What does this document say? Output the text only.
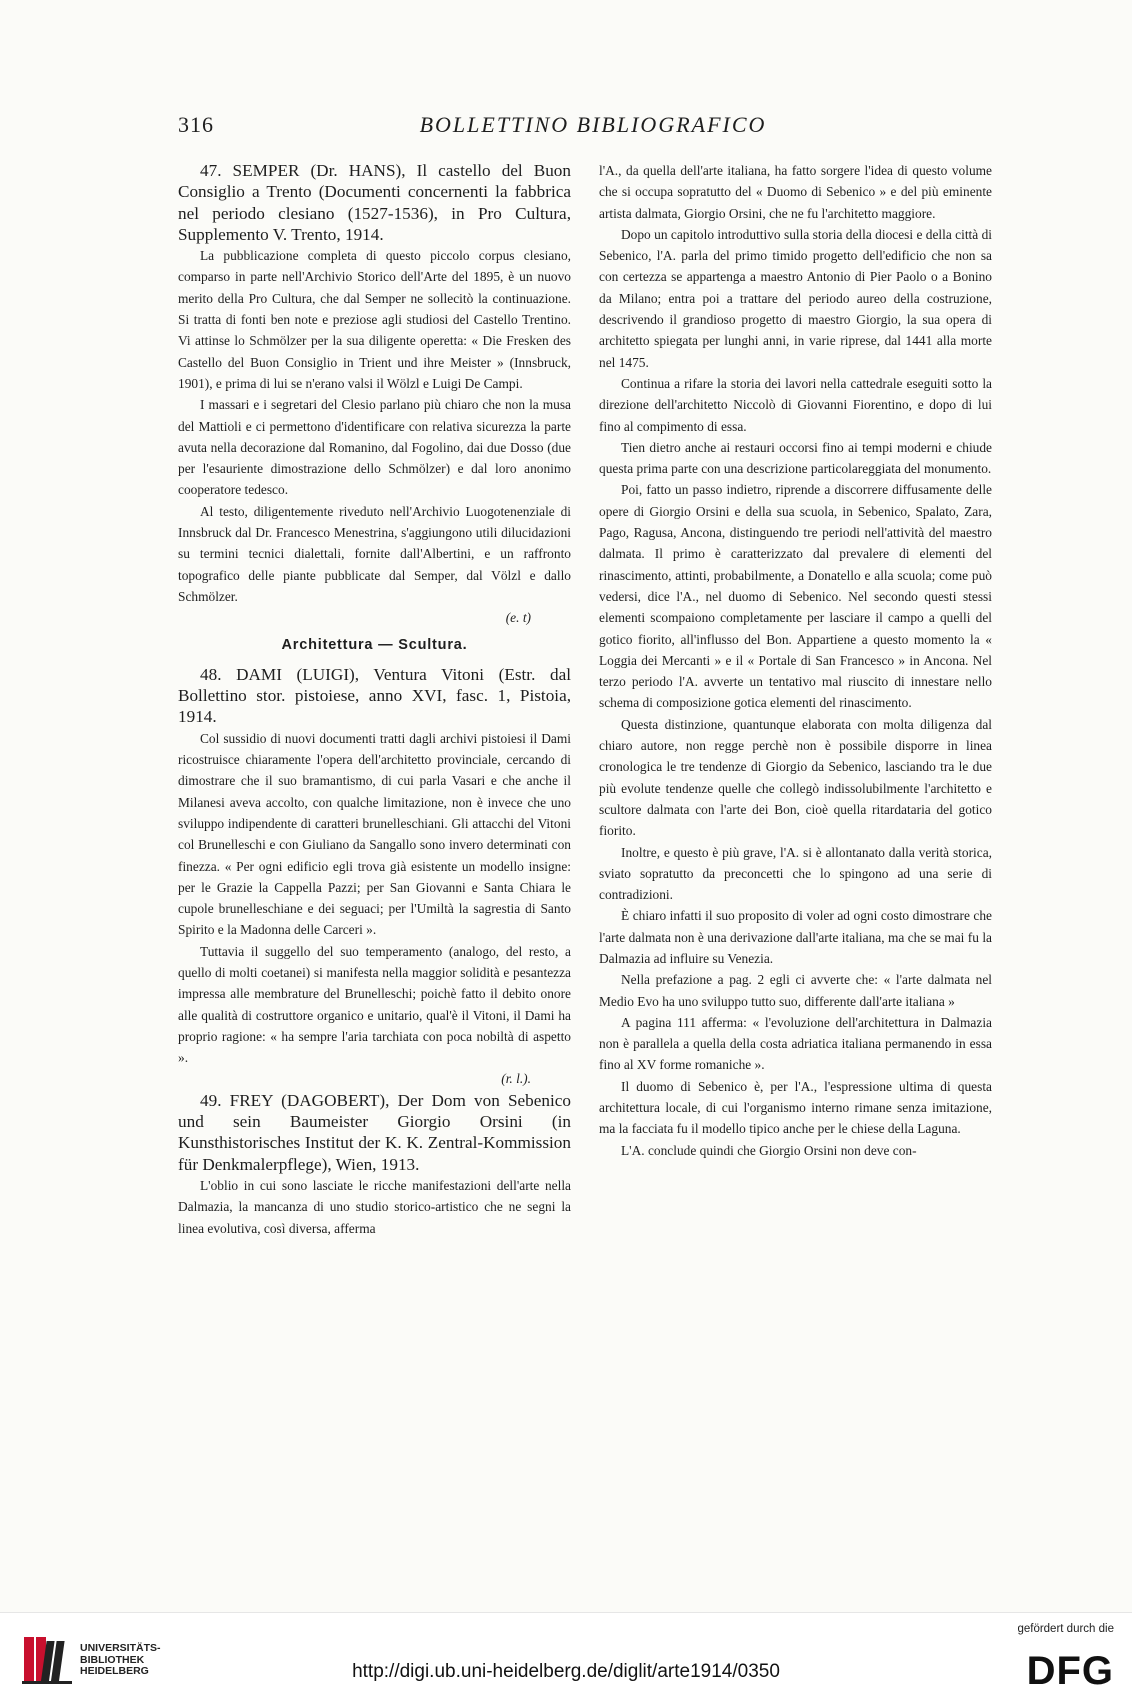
316	BOLLETTINO BIBLIOGRAFICO

47. SEMPER (Dr. HANS), Il castello del Buon Consiglio a Trento (Documenti concernenti la fabbrica nel periodo clesiano (1527-1536), in Pro Cultura, Supplemento V. Trento, 1914.

La pubblicazione completa di questo piccolo corpus clesiano, comparso in parte nell'Archivio Storico dell'Arte del 1895, è un nuovo merito della Pro Cultura, che dal Semper ne sollecitò la continuazione. Si tratta di fonti ben note e preziose agli studiosi del Castello Trentino. Vi attinse lo Schmölzer per la sua diligente operetta: « Die Fresken des Castello del Buon Consiglio in Trient und ihre Meister » (Innsbruck, 1901), e prima di lui se n'erano valsi il Wölzl e Luigi De Campi.

I massari e i segretari del Clesio parlano più chiaro che non la musa del Mattioli e ci permettono d'identificare con relativa sicurezza la parte avuta nella decorazione dal Romanino, dal Fogolino, dai due Dosso (due per l'esauriente dimostrazione dello Schmölzer) e dal loro anonimo cooperatore tedesco.

Al testo, diligentemente riveduto nell'Archivio Luogotenenziale di Innsbruck dal Dr. Francesco Menestrina, s'aggiungono utili dilucidazioni su termini tecnici dialettali, fornite dall'Albertini, e un raffronto topografico delle piante pubblicate dal Semper, dal Völzl e dallo Schmölzer.

(e. t)

Architettura — Scultura.

48. DAMI (LUIGI), Ventura Vitoni (Estr. dal Bollettino stor. pistoiese, anno XVI, fasc. 1, Pistoia, 1914.

Col sussidio di nuovi documenti tratti dagli archivi pistoiesi il Dami ricostruisce chiaramente l'opera dell'architetto provinciale, cercando di dimostrare che il suo bramantismo, di cui parla Vasari e che anche il Milanesi aveva accolto, con qualche limitazione, non è invece che uno sviluppo indipendente di caratteri brunelleschiani. Gli attacchi del Vitoni col Brunelleschi e con Giuliano da Sangallo sono invero determinati con finezza. « Per ogni edificio egli trova già esistente un modello insigne: per le Grazie la Cappella Pazzi; per San Giovanni e Santa Chiara le cupole brunelleschiane e dei seguaci; per l'Umiltà la sagrestia di Santo Spirito e la Madonna delle Carceri ».

Tuttavia il suggello del suo temperamento (analogo, del resto, a quello di molti coetanei) si manifesta nella maggior solidità e pesantezza impressa alle membrature del Brunelleschi; poichè fatto il debito onore alle qualità di costruttore organico e unitario, qual'è il Vitoni, il Dami ha proprio ragione: « ha sempre l'aria tarchiata con poca nobiltà di aspetto ».

(r. l.).

49. FREY (DAGOBERT), Der Dom von Sebenico und sein Baumeister Giorgio Orsini (in Kunsthistorisches Institut der K. K. Zentral-Kommission für Denkmalerpflege), Wien, 1913.

L'oblio in cui sono lasciate le ricche manifestazioni dell'arte nella Dalmazia, la mancanza di uno studio storico-artistico che ne segni la linea evolutiva, così diversa, afferma

l'A., da quella dell'arte italiana, ha fatto sorgere l'idea di questo volume che si occupa sopratutto del « Duomo di Sebenico » e del più eminente artista dalmata, Giorgio Orsini, che ne fu l'architetto maggiore.

Dopo un capitolo introduttivo sulla storia della diocesi e della città di Sebenico, l'A. parla del primo timido progetto dell'edificio che non sa con certezza se appartenga a maestro Antonio di Pier Paolo o a Bonino da Milano; entra poi a trattare del periodo aureo della costruzione, descrivendo il grandioso progetto di maestro Giorgio, la sua opera di architetto spiegata per lunghi anni, in varie riprese, dal 1441 alla morte nel 1475.

Continua a rifare la storia dei lavori nella cattedrale eseguiti sotto la direzione dell'architetto Niccolò di Giovanni Fiorentino, e dopo di lui fino al compimento di essa.

Tien dietro anche ai restauri occorsi fino ai tempi moderni e chiude questa prima parte con una descrizione particolareggiata del monumento.

Poi, fatto un passo indietro, riprende a discorrere diffusamente delle opere di Giorgio Orsini e della sua scuola, in Sebenico, Spalato, Zara, Pago, Ragusa, Ancona, distinguendo tre periodi nell'attività del maestro dalmata. Il primo è caratterizzato dal prevalere di elementi del rinascimento, attinti, probabilmente, a Donatello e alla scuola; come può vedersi, dice l'A., nel duomo di Sebenico. Nel secondo questi stessi elementi scompaiono completamente per lasciare il campo a quelli del gotico fiorito, all'influsso del Bon. Appartiene a questo momento la « Loggia dei Mercanti » e il « Portale di San Francesco » in Ancona. Nel terzo periodo l'A. avverte un tentativo mal riuscito di innestare nello schema di composizione gotica elementi del rinascimento.

Questa distinzione, quantunque elaborata con molta diligenza dal chiaro autore, non regge perchè non è possibile disporre in linea cronologica le tre tendenze di Giorgio da Sebenico, lasciando tra le due più evolute tendenze quelle che collegò indissolubilmente l'architetto e scultore dalmata con l'arte dei Bon, cioè quella ritardataria del gotico fiorito.

Inoltre, e questo è più grave, l'A. si è allontanato dalla verità storica, sviato sopratutto da preconcetti che lo spingono ad una serie di contradizioni.

È chiaro infatti il suo proposito di voler ad ogni costo dimostrare che l'arte dalmata non è una derivazione dall'arte italiana, ma che se mai fu la Dalmazia ad influire su Venezia.

Nella prefazione a pag. 2 egli ci avverte che: « l'arte dalmata nel Medio Evo ha uno sviluppo tutto suo, differente dall'arte italiana »

A pagina 111 afferma: « l'evoluzione dell'architettura in Dalmazia non è parallela a quella della costa adriatica italiana permanendo in essa fino al XV forme romaniche ».

Il duomo di Sebenico è, per l'A., l'espressione ultima di questa architettura locale, di cui l'organismo interno rimane senza imitazione, ma la facciata fu il modello tipico anche per le chiese della Laguna.

L'A. conclude quindi che Giorgio Orsini non deve con-

UNIVERSITÄTS-
BIBLIOTHEK
HEIDELBERG	http://digi.ub.uni-heidelberg.de/diglit/arte1914/0350
gefördert durch die
DFG
